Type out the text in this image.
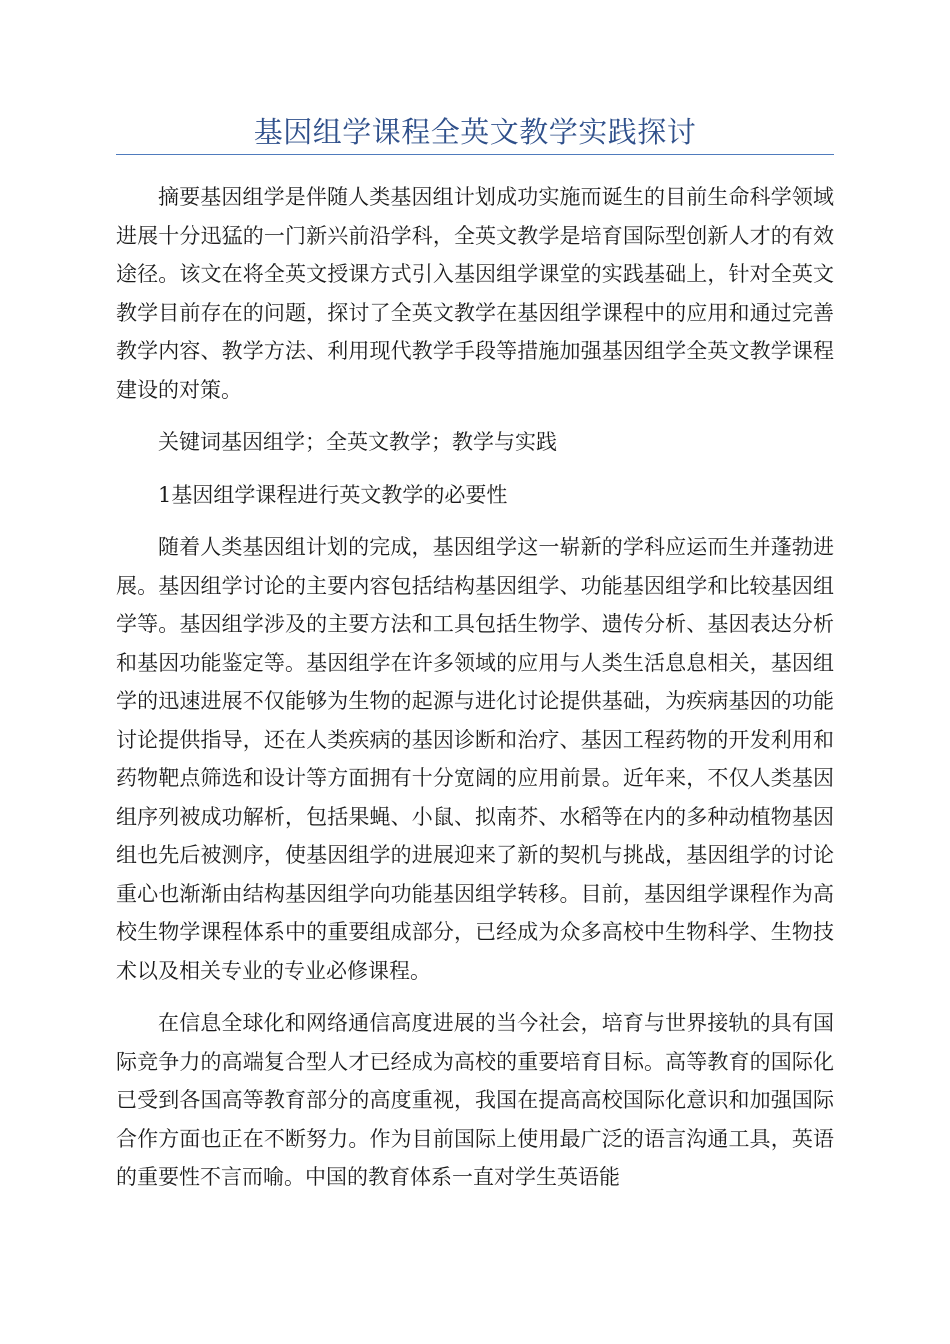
基因组学课程全英文教学实践探讨

摘要基因组学是伴随人类基因组计划成功实施而诞生的目前生命科学领域进展十分迅猛的一门新兴前沿学科，全英文教学是培育国际型创新人才的有效途径。该文在将全英文授课方式引入基因组学课堂的实践基础上，针对全英文教学目前存在的问题，探讨了全英文教学在基因组学课程中的应用和通过完善教学内容、教学方法、利用现代教学手段等措施加强基因组学全英文教学课程建设的对策。

关键词基因组学；全英文教学；教学与实践

1基因组学课程进行英文教学的必要性

随着人类基因组计划的完成，基因组学这一崭新的学科应运而生并蓬勃进展。基因组学讨论的主要内容包括结构基因组学、功能基因组学和比较基因组学等。基因组学涉及的主要方法和工具包括生物学、遗传分析、基因表达分析和基因功能鉴定等。基因组学在许多领域的应用与人类生活息息相关，基因组学的迅速进展不仅能够为生物的起源与进化讨论提供基础，为疾病基因的功能讨论提供指导，还在人类疾病的基因诊断和治疗、基因工程药物的开发利用和药物靶点筛选和设计等方面拥有十分宽阔的应用前景。近年来，不仅人类基因组序列被成功解析，包括果蝇、小鼠、拟南芥、水稻等在内的多种动植物基因组也先后被测序，使基因组学的进展迎来了新的契机与挑战，基因组学的讨论重心也渐渐由结构基因组学向功能基因组学转移。目前，基因组学课程作为高校生物学课程体系中的重要组成部分，已经成为众多高校中生物科学、生物技术以及相关专业的专业必修课程。

在信息全球化和网络通信高度进展的当今社会，培育与世界接轨的具有国际竞争力的高端复合型人才已经成为高校的重要培育目标。高等教育的国际化已受到各国高等教育部分的高度重视，我国在提高高校国际化意识和加强国际合作方面也正在不断努力。作为目前国际上使用最广泛的语言沟通工具，英语的重要性不言而喻。中国的教育体系一直对学生英语能
